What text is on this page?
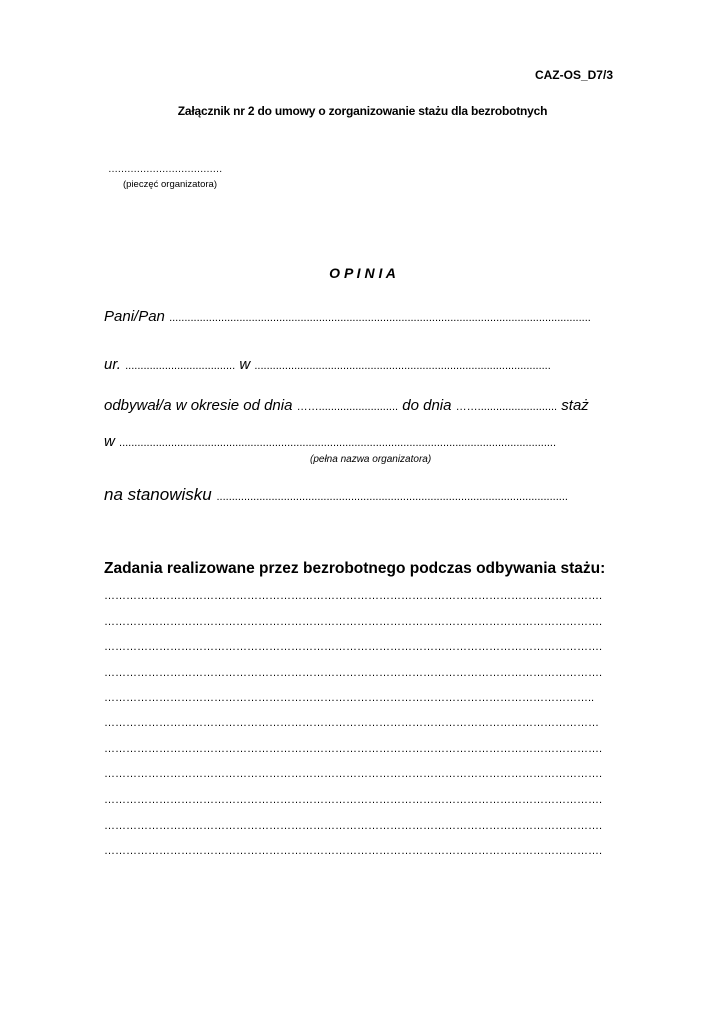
CAZ-OS_D7/3
Załącznik nr 2 do umowy o zorganizowanie stażu dla bezrobotnych
………………………………
(pieczęć organizatora)
O P I N I A
Pani/Pan ..........................................................................................................................................
ur. .................................... w .................................................................................................
odbywał/a w okresie od dnia …….......................... do dnia …….......................... staż
w ...............................................................................................................................................
(pełna nazwa organizatora)
na stanowisku ...................................................................................................................
Zadania realizowane przez bezrobotnego podczas odbywania stażu:
……………………………………………………………………………………………………………………….
……………………………………………………………………………………………………………………….
……………………………………………………………………………………………………………………….
……………………………………………………………………………………………………………………….
……………………………………………………………………………………………………………………..
………………………………………………………………………………………………………………………
……………………………………………………………………………………………………………………….
……………………………………………………………………………………………………………………….
……………………………………………………………………………………………………………………….
……………………………………………………………………………………………………………………….
……………………………………………………………………………………………………………………….
